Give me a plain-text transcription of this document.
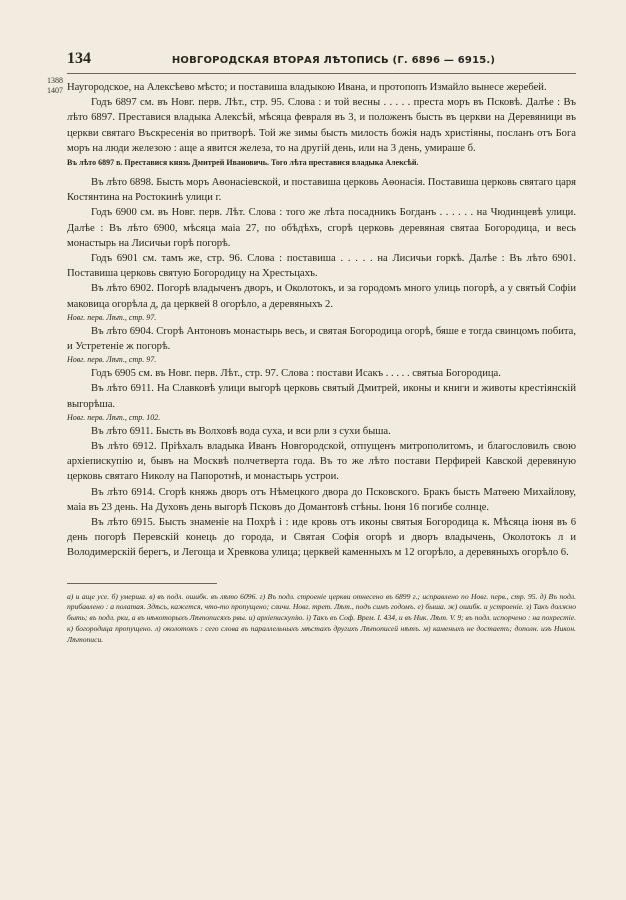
134	НОВГОРОДСКАЯ ВТОРАЯ ЛѢТОПИСЬ (Г. 6896 — 6915.)
1388
1407 Наугородское, на Алексѣево мѣсто; и поставиша владыкою Ивана, и протопопъ Измайло вынесе жеребей.

Годъ 6897 см. въ Новг. перв. Лѣт., стр. 95. Слова : и той весны . . . . . преста моръ въ Псковѣ. Далѣе : Въ лѣто 6897. Преставися владыка Алексѣй, мѣсяца февраля въ 3, и положенъ бысть въ церкви на Деревяници въ церкви святаго Въскресенія во притворѣ. Той же зимы бысть милость божія надъ христіяны, посланъ отъ Бога моръ на люди железою : аще а явится железа, то на другій день, или на 3 день, умираше б.

Въ лѣто 6897 в. Преставися князь Дмитрей Ивановичь. Того лѣта преставися владыка Алексѣй.

Въ лѣто 6898. Бысть моръ Аѳонасіевской, и поставиша церковь Аѳонасія. Поставиша церковь святаго царя Костянтина на Ростокинѣ улици г.

Годъ 6900 см. въ Новг. перв. Лѣт. Слова : того же лѣта посадникъ Богданъ . . . . . . на Чюдинцевѣ улици. Далѣе : Въ лѣто 6900, мѣсяца маіа 27, по обѣдѣхъ, сгорѣ церковь деревяная святаа Богородица, и весь монастырь на Лисичьи горѣ погорѣ.

Годъ 6901 см. тамъ же, стр. 96. Слова : поставиша . . . . . на Лисичьи горкѣ. Далѣе : Въ лѣто 6901. Поставиша церковь святую Богородицу на Хрестьцахъ.

Въ лѣто 6902. Погорѣ владыченъ дворъ, и Околотокъ, и за городомъ много улиць погорѣ, а у святьй Софіи маковица огорѣла д, да церквей 8 огорѣло, а деревяныхъ 2.

Новг. перв. Лѣт., стр. 97.

Въ лѣто 6904. Сгорѣ Антоновъ монастырь весь, и святая Богородица огорѣ, бяше е тогда свинцомъ побита, и Устретеніе ж погорѣ.

Новг. перв. Лѣт., стр. 97.

Годъ 6905 см. въ Новг. перв. Лѣт., стр. 97. Слова : постави Исакъ . . . . . святыа Богородица.

Въ лѣто 6911. На Славковѣ улици выгорѣ церковь святый Дмитрей, иконы и книги и животы крестіянскій выгорѣша.

Новг. перв. Лѣт., стр. 102.

Въ лѣто 6911. Бысть въ Волховѣ вода суха, и вси рли з сухи быша.

Въ лѣто 6912. Пріѣхалъ владыка Иванъ Новгородской, отпущенъ митрополитомъ, и благословилъ свою архіепискупію и, бывъ на Москвѣ полчетверта года. Въ то же лѣто постави Перфирей Кавской деревяную церковь святаго Николу на Папоротнѣ, и монастырь устрои.

Въ лѣто 6914. Сгорѣ княжь дворъ отъ Нѣмецкого двора до Псковского. Бракъ бысть Матѳею Михайлову, маіа въ 23 день. На Духовъ день выгорѣ Псковъ до Домантовѣ стѣны. Іюня 16 погибе солнце.

Въ лѣто 6915. Бысть знаменіе на Похрѣ і : иде кровь отъ иконы святыя Богородица к. Мѣсяца іюня въ 6 день погорѣ Перевскій конець до города, и Святая Софія огорѣ и дворъ владычень, Околотокъ л и Володимерскій берегъ, и Легоща и Хревкова улица; церквей каменныхъ м 12 огорѣло, а деревяныхъ огорѣло 6.

а) и аще усе. б) умерша. в) въ подл. ошибк. въ лѣто 6096. г) Въ подл. строеніе церкви отнесено въ 6899 г.; исправлено по Новг. перв., стр. 95. д) Въ подл. прибавлено : а полатая. Здѣсь, кажется, что-то пропущено; сличи. Новг. трет. Лѣт., подъ симъ годомъ. е) быша. ж) ошибк. и устроеніе. з) Такъ должно быть; въ подл. рки, а въ нѣкоторыхъ Лѣтописяхъ рвы. и) архіепискупію. і) Такъ въ Соф. Врем. І. 434, и въ Ник. Лѣт. V. 9; въ подл. испорчено : на похрестіе. к) богородица пропущено. л) околотокъ : сего слова въ параллельныхъ мѣстахъ другихъ Лѣтописей нѣтъ. м) каменыхъ не достаетъ; дополн. изъ Никон. Лѣтописи.
